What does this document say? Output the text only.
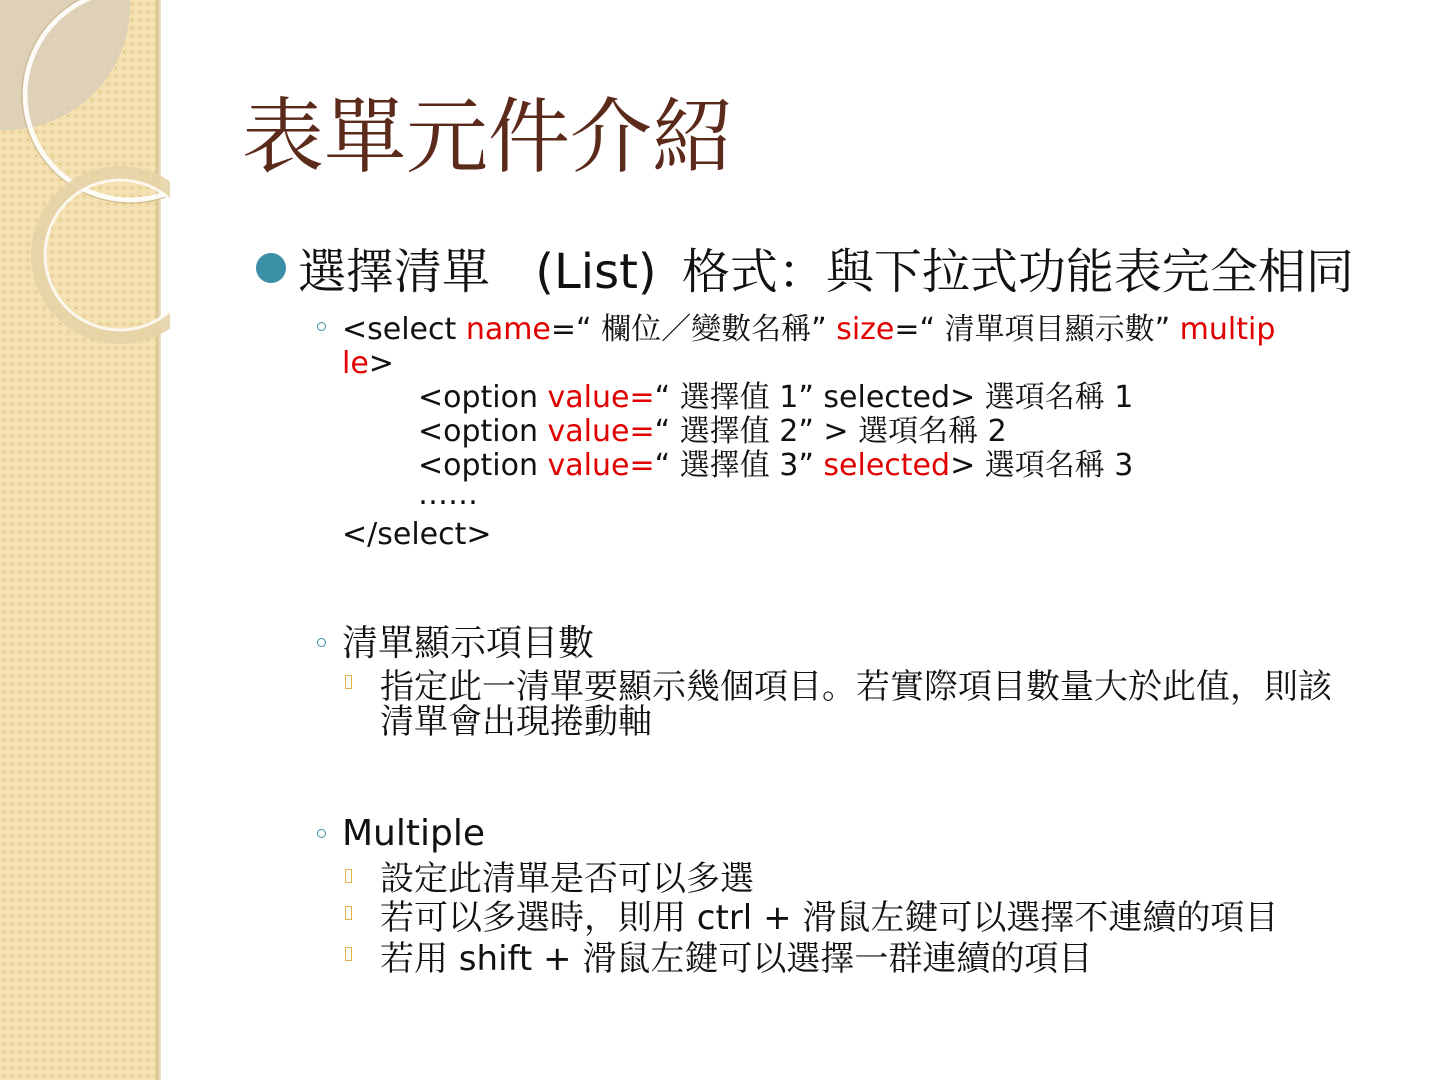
表單元件介紹
選擇清單 (List) 格式：與下拉式功能表完全相同
<select name=“ 欄位／變數名稱” size=“ 清單項目顯示數” multip
le>
<option value=“ 選擇值 1” selected> 選項名稱 1
<option value=“ 選擇值 2” > 選項名稱 2
<option value=“ 選擇值 3” selected> 選項名稱 3
……
</select>
清單顯示項目數
指定此一清單要顯示幾個項目。若實際項目數量大於此值，則該
清單會出現捲動軸
Multiple
設定此清單是否可以多選
若可以多選時，則用 ctrl + 滑鼠左鍵可以選擇不連續的項目
若用 shift + 滑鼠左鍵可以選擇一群連續的項目
